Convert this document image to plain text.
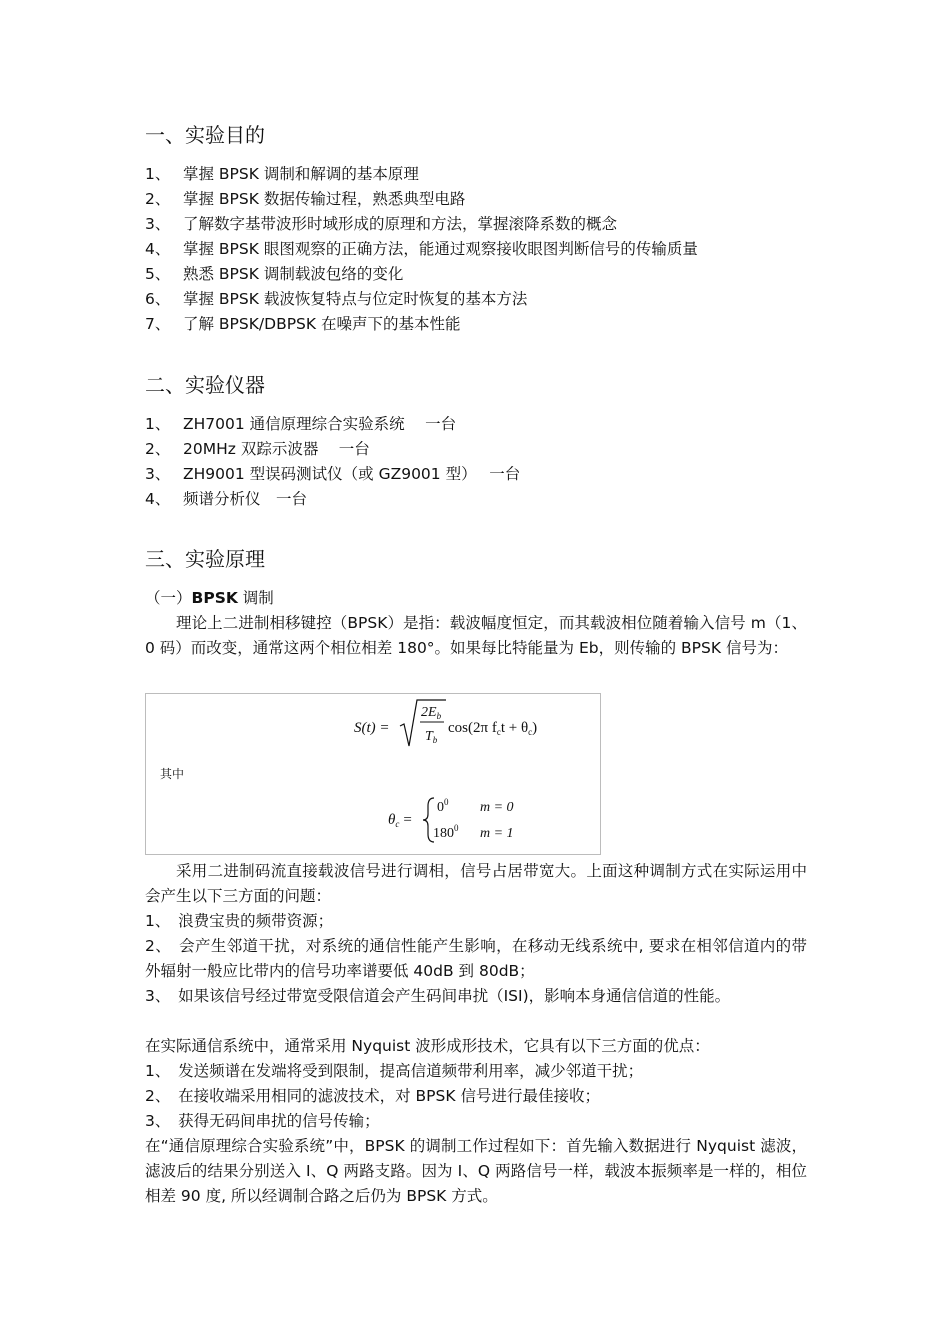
一、实验目的
1、 掌握 BPSK 调制和解调的基本原理
2、 掌握 BPSK 数据传输过程，熟悉典型电路
3、 了解数字基带波形时域形成的原理和方法，掌握滚降系数的概念
4、 掌握 BPSK 眼图观察的正确方法，能通过观察接收眼图判断信号的传输质量
5、 熟悉 BPSK 调制载波包络的变化
6、 掌握 BPSK 载波恢复特点与位定时恢复的基本方法
7、 了解 BPSK/DBPSK 在噪声下的基本性能
二、实验仪器
1、 ZH7001 通信原理综合实验系统　 一台
2、 20MHz 双踪示波器　 一台
3、 ZH9001 型误码测试仪（或 GZ9001 型）　 一台
4、 频谱分析仪　一台
三、实验原理
（一）BPSK 调制
理论上二进制相移键控（BPSK）是指：载波幅度恒定，而其载波相位随着输入信号 m（1、0 码）而改变，通常这两个相位相差 180°。如果每比特能量为 Eb，则传输的 BPSK 信号为：
S(t) =
$2E_b$
$T_b$
cos(2π $f_ct + \theta_c$)
其中
$\theta_c$ =
$0^0$ m = 0
$180^0$ m = 1
采用二进制码流直接载波信号进行调相，信号占居带宽大。上面这种调制方式在实际运用中会产生以下三方面的问题：
1、　浪费宝贵的频带资源；
2、　会产生邻道干扰，对系统的通信性能产生影响，在移动无线系统中, 要求在相邻信道内的带外辐射一般应比带内的信号功率谱要低 40dB 到 80dB；
3、　如果该信号经过带宽受限信道会产生码间串扰（ISI)，影响本身通信信道的性能。
在实际通信系统中，通常采用 Nyquist 波形成形技术，它具有以下三方面的优点：
1、　发送频谱在发端将受到限制，提高信道频带利用率，减少邻道干扰；
2、　在接收端采用相同的滤波技术，对 BPSK 信号进行最佳接收；
3、　获得无码间串扰的信号传输；
在“通信原理综合实验系统”中，BPSK 的调制工作过程如下：首先输入数据进行 Nyquist 滤波，滤波后的结果分别送入 I、Q 两路支路。因为 I、Q 两路信号一样，载波本振频率是一样的，相位相差 90 度, 所以经调制合路之后仍为 BPSK 方式。
